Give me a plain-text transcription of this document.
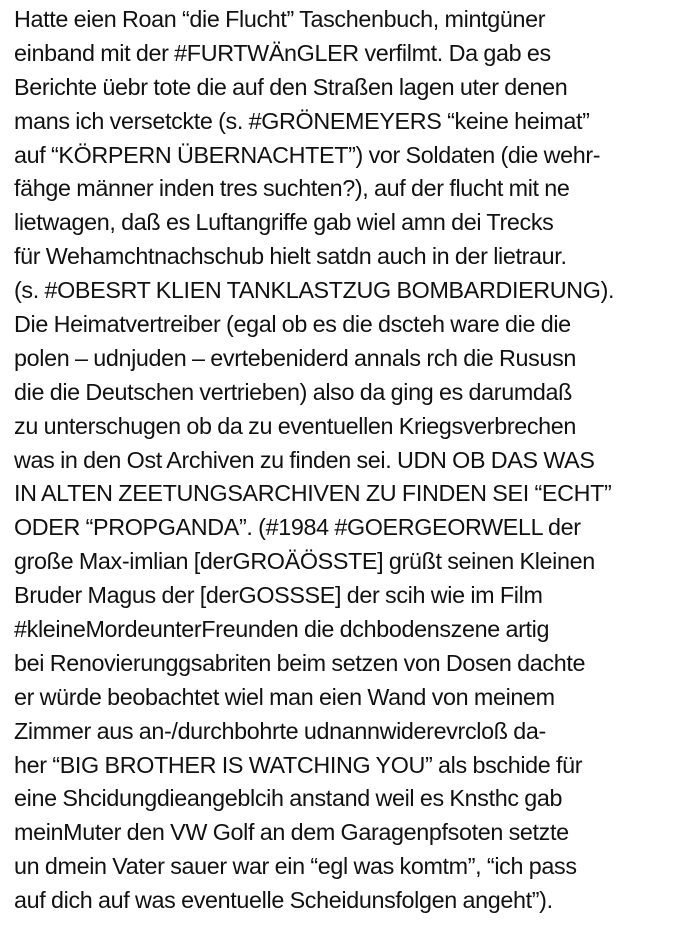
Hatte eien Roan “die Flucht” Taschenbuch, mintgüner
einband mit der #FURTWÄnGLER verfilmt. Da gab es
Berichte üebr tote die auf den Straßen lagen uter denen
mans ich versetckte (s. #GRÖNEMEYERS “keine heimat”
auf “KÖRPERN ÜBERNACHTET”) vor Soldaten (die wehr-
fähge männer inden tres suchten?), auf der flucht mit ne
lietwagen, daß es Luftangriffe gab wiel amn dei Trecks
für Wehamchtnachschub hielt satdn auch in der lietraur.
(s. #OBESRT KLIEN TANKLASTZUG BOMBARDIERUNG).
Die Heimatvertreiber (egal ob es die dscteh ware die die
polen – udnjuden – evrtebeniderd annals rch die Rususn
die die Deutschen vertrieben) also da ging es darumdaß
zu unterschugen ob da zu eventuellen Kriegsverbrechen
was in den Ost Archiven zu finden sei. UDN OB DAS WAS
IN ALTEN ZEETUNGSARCHIVEN ZU FINDEN SEI “ECHT”
ODER “PROPGANDA”. (#1984 #GOERGEORWELL der
große Max-imlian [derGROÄÖSSTE] grüßt seinen Kleinen
Bruder Magus der [derGOSSSE] der scih wie im Film
#kleineMordeunterFreunden die dchbodenszene artig
bei Renovierunggsabriten beim setzen von Dosen dachte
er würde beobachtet wiel man eien Wand von meinem
Zimmer aus an-/durchbohrte udnannwiderevrcloß da-
her “BIG BROTHER IS WATCHING YOU” als bschide für
eine Shcidungdieangeblcih anstand weil es Knsthc gab
meinMuter den VW Golf an dem Garagenpfsoten setzte
un dmein Vater sauer war ein “egl was komtm”, “ich pass
auf dich auf was eventuelle Scheidunsfolgen angeht”).
